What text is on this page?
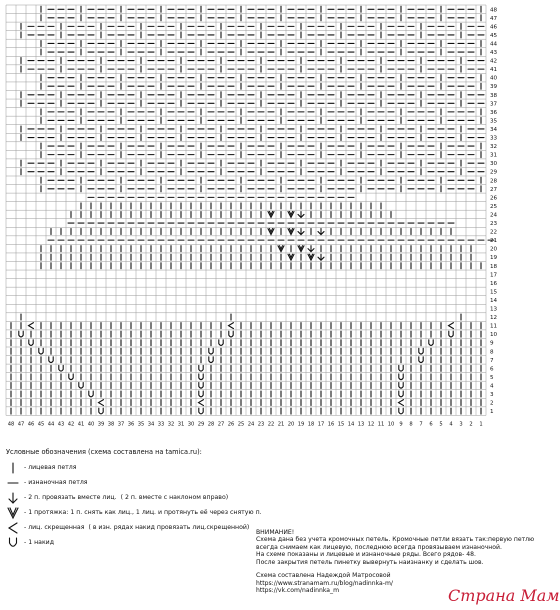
48
47
46
45
44
43
42
41
40
39
38
37
36
35
34
33
32
31
30
29
28
27
26
25
24
23
22
21
20
19
18
17
16
15
14
13
12
11
10
9
8
7
6
5
4
3
2
1
48 47 46 45 44 43 42 41 40 39 38 37 36 35 34 33 32 31 30 29 28 27 26 25 24 23 22 21 20 19 18 17 16 15 14 13 12 11 10 9 8 7 6 5 4 3 2 1
Условные обозначения (схема составлена на tamica.ru):
- лицевая петля
- изнаночная петля
- 2 п. провязать вместе лиц. ( 2 п. вместе с наклоном вправо)
- 1 протяжка: 1 п. снять как лиц., 1 лиц. и протянуть её через снятую п.
- лиц. скрещенная ( в изн. рядах накид провязать лиц.скрещенной)
- 1 накид
ВНИМАНИЕ!
Схема дана без учета кромочных петель. Кромочные петли вязать так:первую петлю
всегда снимаем как лицевую, последнюю всегда провязываем изнаночной.
На схеме показаны и лицевые и изнаночные ряды. Всего рядов- 48.
После закрытия петель пинетку вывернуть наизнанку и сделать шов.
Схема составлена Надеждой Матросовой
https://www.stranamam.ru/blog/nadinnka-m/
https://vk.com/nadinnka_m	Страна Мам
